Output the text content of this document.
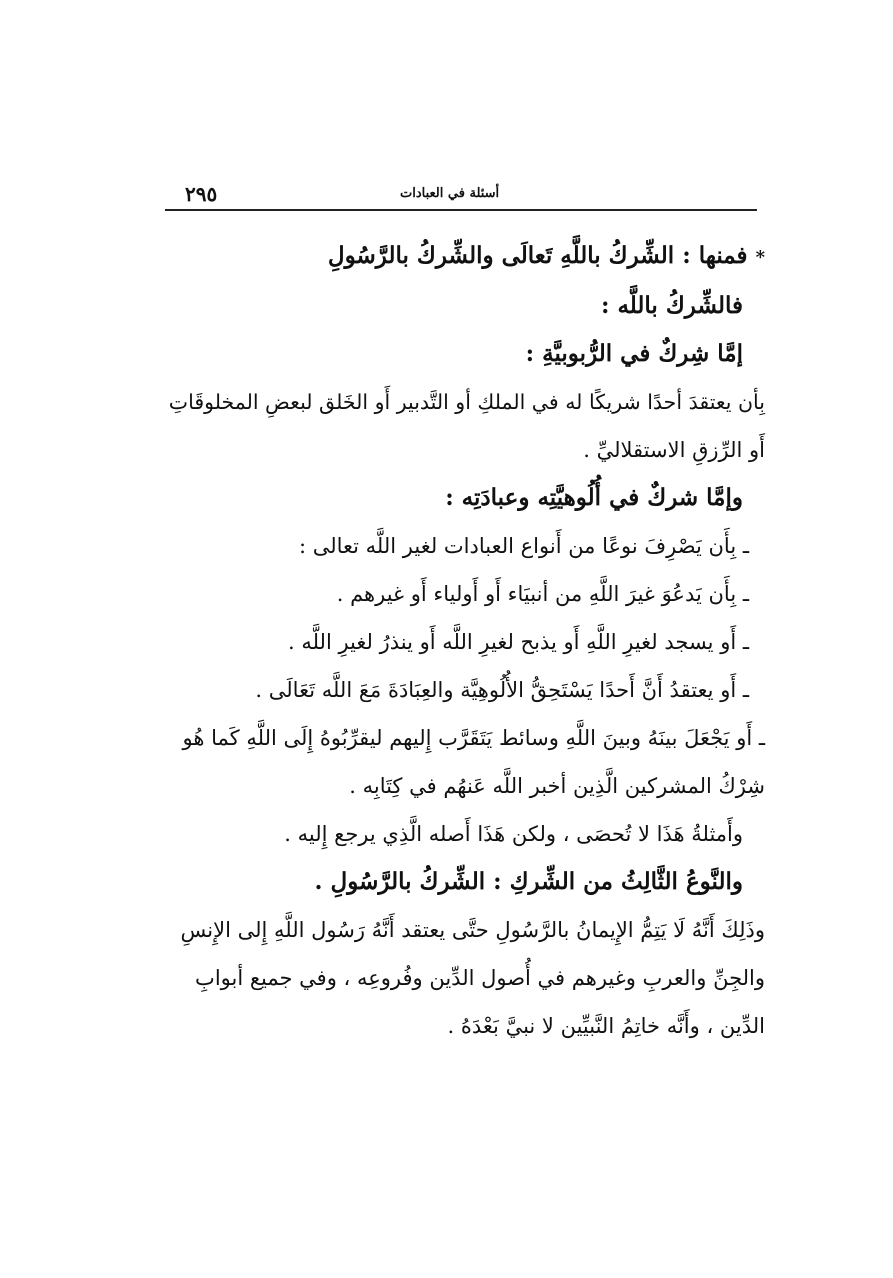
٢٩٥	أسئلة في العبادات
* فمنها : الشِّركُ باللَّهِ تَعالَى والشِّركُ بالرَّسُولِ
فالشِّركُ باللَّه :
إمَّا شِركٌ في الرُّبوبيَّةِ :
بِأن يعتقدَ أحدًا شريكًا له في الملكِ أو التَّدبير أَو الخَلق لبعضِ المخلوقَاتِ
أَو الرِّزقِ الاستقلاليِّ .
وإمَّا شركٌ في أُلُوهيَّتِه وعبادَتِه :
ـ بِأَن يَصْرِفَ نوعًا من أَنواع العبادات لغير اللَّه تعالى :
ـ بِأَن يَدعُوَ غيرَ اللَّهِ من أنبيَاء أَو أَولياء أَو غيرهم .
ـ أَو يسجد لغيرِ اللَّهِ أَو يذبح لغيرِ اللَّه أَو ينذرُ لغيرِ اللَّه .
ـ أَو يعتقدُ أَنَّ أَحدًا يَسْتَحِقُّ الأُلُوهِيَّة والعِبَادَةَ مَعَ اللَّه تَعَالَى .
ـ أَو يَجْعَلَ بينَهُ وبينَ اللَّهِ وسائط يَتَقَرَّب إِليهم ليقرِّبُوهُ إِلَى اللَّهِ كَما هُو
شِرْكُ المشركين الَّذِين أخبر اللَّه عَنهُم في كِتَابِه .
وأَمثلةُ هَذَا لا تُحصَى ، ولكن هَذَا أَصله الَّذِي يرجع إِليه .
والنَّوعُ الثَّالِثُ من الشِّركِ : الشِّركُ بالرَّسُولِ .
وذَلِكَ أَنَّهُ لَا يَتِمُّ الإِيمانُ بالرَّسُولِ حتَّى يعتقد أَنَّهُ رَسُول اللَّهِ إِلى الإِنسِ
والجِنِّ والعربِ وغيرهم في أُصول الدِّين وفُروعِه ، وفي جميع أبوابِ
الدِّين ، وأَنَّه خاتِمُ النَّبيِّين لا نبيَّ بَعْدَهُ .
